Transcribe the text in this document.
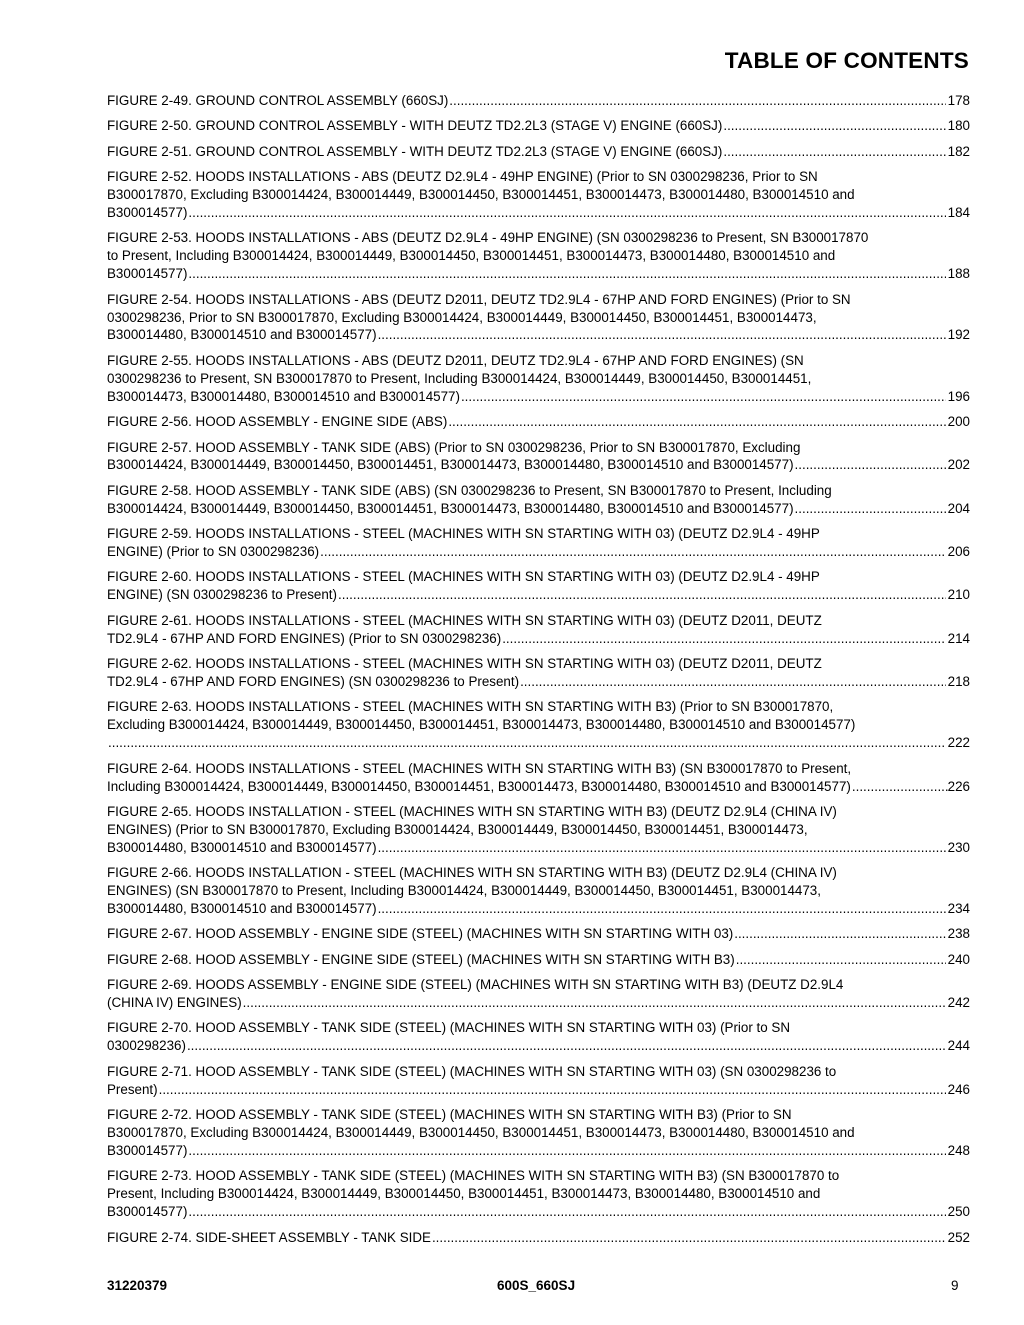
TABLE OF CONTENTS
FIGURE 2-49. GROUND CONTROL ASSEMBLY (660SJ) .....	178
FIGURE 2-50. GROUND CONTROL ASSEMBLY - WITH DEUTZ TD2.2L3 (STAGE V) ENGINE (660SJ) .....	180
FIGURE 2-51. GROUND CONTROL ASSEMBLY - WITH DEUTZ TD2.2L3 (STAGE V) ENGINE (660SJ) .....	182
FIGURE 2-52. HOODS INSTALLATIONS - ABS (DEUTZ D2.9L4 - 49HP ENGINE) (Prior to SN 0300298236, Prior to SN
B300017870, Excluding B300014424, B300014449, B300014450, B300014451, B300014473, B300014480, B300014510 and
B300014577) .....	184
FIGURE 2-53. HOODS INSTALLATIONS - ABS (DEUTZ D2.9L4 - 49HP ENGINE) (SN 0300298236 to Present, SN B300017870
to Present, Including B300014424, B300014449, B300014450, B300014451, B300014473, B300014480, B300014510 and
B300014577) .....	188
FIGURE 2-54. HOODS INSTALLATIONS - ABS (DEUTZ D2011, DEUTZ TD2.9L4 - 67HP AND FORD ENGINES) (Prior to SN
0300298236, Prior to SN B300017870, Excluding B300014424, B300014449, B300014450, B300014451, B300014473,
B300014480, B300014510 and B300014577) .....	192
FIGURE 2-55. HOODS INSTALLATIONS - ABS (DEUTZ D2011, DEUTZ TD2.9L4 - 67HP AND FORD ENGINES) (SN
0300298236 to Present, SN B300017870 to Present, Including B300014424, B300014449, B300014450, B300014451,
B300014473, B300014480, B300014510 and B300014577) .....	196
FIGURE 2-56. HOOD ASSEMBLY - ENGINE SIDE (ABS) .....	200
FIGURE 2-57. HOOD ASSEMBLY - TANK SIDE (ABS) (Prior to SN 0300298236, Prior to SN B300017870, Excluding
B300014424, B300014449, B300014450, B300014451, B300014473, B300014480, B300014510 and B300014577) .....	202
FIGURE 2-58. HOOD ASSEMBLY - TANK SIDE (ABS) (SN 0300298236 to Present, SN B300017870 to Present, Including
B300014424, B300014449, B300014450, B300014451, B300014473, B300014480, B300014510 and B300014577) .....	204
FIGURE 2-59. HOODS INSTALLATIONS - STEEL (MACHINES WITH SN STARTING WITH 03) (DEUTZ D2.9L4 - 49HP
ENGINE) (Prior to SN 0300298236) .....	206
FIGURE 2-60. HOODS INSTALLATIONS - STEEL (MACHINES WITH SN STARTING WITH 03) (DEUTZ D2.9L4 - 49HP
ENGINE) (SN 0300298236 to Present) .....	210
FIGURE 2-61. HOODS INSTALLATIONS - STEEL (MACHINES WITH SN STARTING WITH 03) (DEUTZ D2011, DEUTZ
TD2.9L4 - 67HP AND FORD ENGINES) (Prior to SN 0300298236) .....	214
FIGURE 2-62. HOODS INSTALLATIONS - STEEL (MACHINES WITH SN STARTING WITH 03) (DEUTZ D2011, DEUTZ
TD2.9L4 - 67HP AND FORD ENGINES) (SN 0300298236 to Present) .....	218
FIGURE 2-63. HOODS INSTALLATIONS - STEEL (MACHINES WITH SN STARTING WITH B3) (Prior to SN B300017870,
Excluding B300014424, B300014449, B300014450, B300014451, B300014473, B300014480, B300014510 and B300014577)
.....
222
FIGURE 2-64. HOODS INSTALLATIONS - STEEL (MACHINES WITH SN STARTING WITH B3) (SN B300017870 to Present,
Including B300014424, B300014449, B300014450, B300014451, B300014473, B300014480, B300014510 and B300014577) .....	226
FIGURE 2-65. HOODS INSTALLATION - STEEL (MACHINES WITH SN STARTING WITH B3) (DEUTZ D2.9L4 (CHINA IV)
ENGINES) (Prior to SN B300017870, Excluding B300014424, B300014449, B300014450, B300014451, B300014473,
B300014480, B300014510 and B300014577) .....	230
FIGURE 2-66. HOODS INSTALLATION - STEEL (MACHINES WITH SN STARTING WITH B3) (DEUTZ D2.9L4 (CHINA IV)
ENGINES) (SN B300017870 to Present, Including B300014424, B300014449, B300014450, B300014451, B300014473,
B300014480, B300014510 and B300014577) .....	234
FIGURE 2-67. HOOD ASSEMBLY - ENGINE SIDE (STEEL) (MACHINES WITH SN STARTING WITH 03) .....	238
FIGURE 2-68. HOOD ASSEMBLY - ENGINE SIDE (STEEL) (MACHINES WITH SN STARTING WITH B3) .....	240
FIGURE 2-69. HOODS ASSEMBLY - ENGINE SIDE (STEEL) (MACHINES WITH SN STARTING WITH B3) (DEUTZ D2.9L4
(CHINA IV) ENGINES) .....	242
FIGURE 2-70. HOOD ASSEMBLY - TANK SIDE (STEEL) (MACHINES WITH SN STARTING WITH 03) (Prior to SN
0300298236) .....	244
FIGURE 2-71. HOOD ASSEMBLY - TANK SIDE (STEEL) (MACHINES WITH SN STARTING WITH 03) (SN 0300298236 to
Present) .....	246
FIGURE 2-72. HOOD ASSEMBLY - TANK SIDE (STEEL) (MACHINES WITH SN STARTING WITH B3) (Prior to SN
B300017870, Excluding B300014424, B300014449, B300014450, B300014451, B300014473, B300014480, B300014510 and
B300014577) .....	248
FIGURE 2-73. HOOD ASSEMBLY - TANK SIDE (STEEL) (MACHINES WITH SN STARTING WITH B3) (SN B300017870 to
Present, Including B300014424, B300014449, B300014450, B300014451, B300014473, B300014480, B300014510 and
B300014577) .....	250
FIGURE 2-74. SIDE-SHEET ASSEMBLY - TANK SIDE .....	252
31220379	600S_660SJ	9
